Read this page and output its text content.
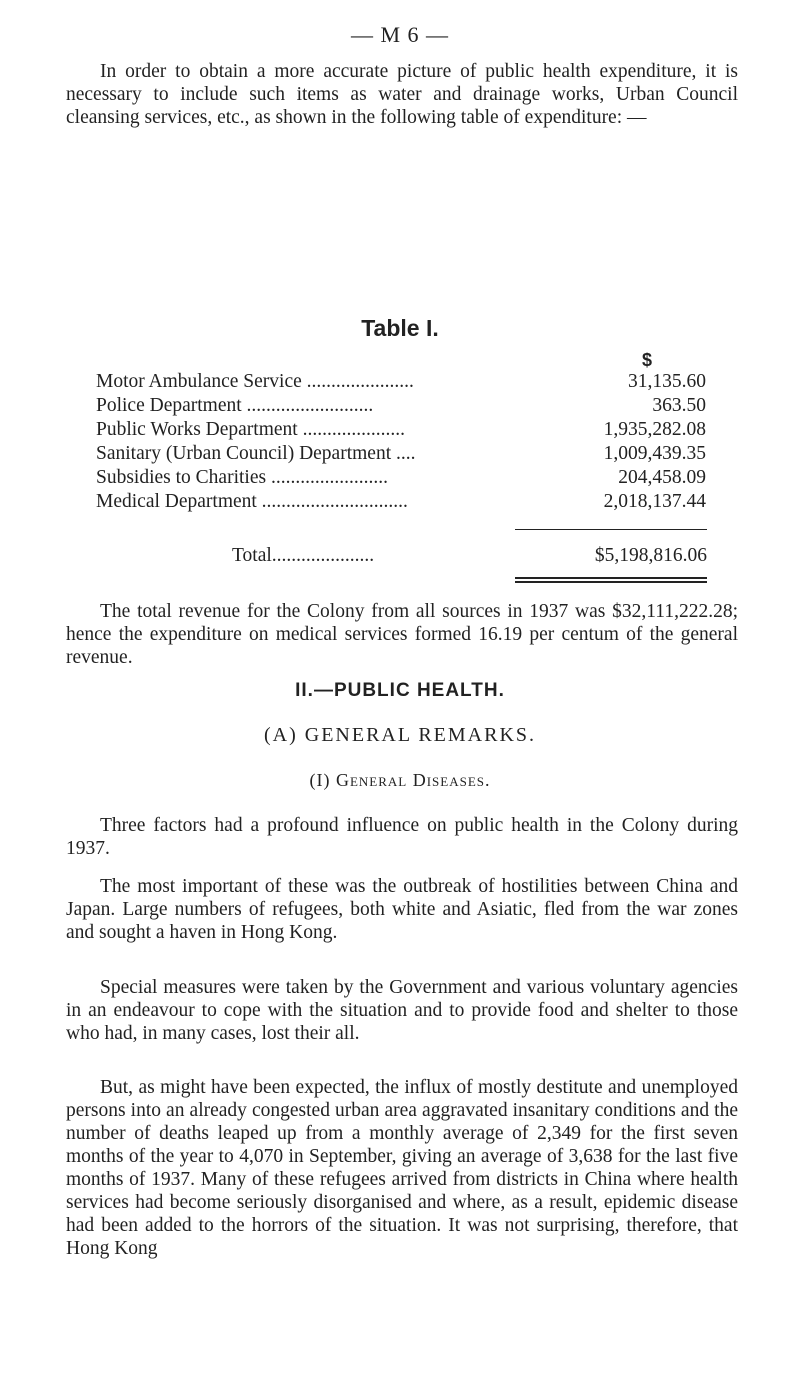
— M 6 —

In order to obtain a more accurate picture of public health expenditure, it is necessary to include such items as water and drainage works, Urban Council cleansing services, etc., as shown in the following table of expenditure: —

Table I.
$
Motor Ambulance Service ......................	31,135.60
Police Department ..........................	363.50
Public Works Department .....................	1,935,282.08
Sanitary (Urban Council) Department ....	1,009,439.35
Subsidies to Charities ........................	204,458.09
Medical Department ..............................	2,018,137.44
Total.....................	$5,198,816.06

The total revenue for the Colony from all sources in 1937 was $32,111,222.28; hence the expenditure on medical services formed 16.19 per centum of the general revenue.

II.—PUBLIC HEALTH.
(A) GENERAL REMARKS.
(I) General Diseases.

Three factors had a profound influence on public health in the Colony during 1937.

The most important of these was the outbreak of hostilities between China and Japan. Large numbers of refugees, both white and Asiatic, fled from the war zones and sought a haven in Hong Kong.

Special measures were taken by the Government and various voluntary agencies in an endeavour to cope with the situation and to provide food and shelter to those who had, in many cases, lost their all.

But, as might have been expected, the influx of mostly destitute and unemployed persons into an already congested urban area aggravated insanitary conditions and the number of deaths leaped up from a monthly average of 2,349 for the first seven months of the year to 4,070 in September, giving an average of 3,638 for the last five months of 1937. Many of these refugees arrived from districts in China where health services had become seriously disorganised and where, as a result, epidemic disease had been added to the horrors of the situation. It was not surprising, therefore, that Hong Kong
